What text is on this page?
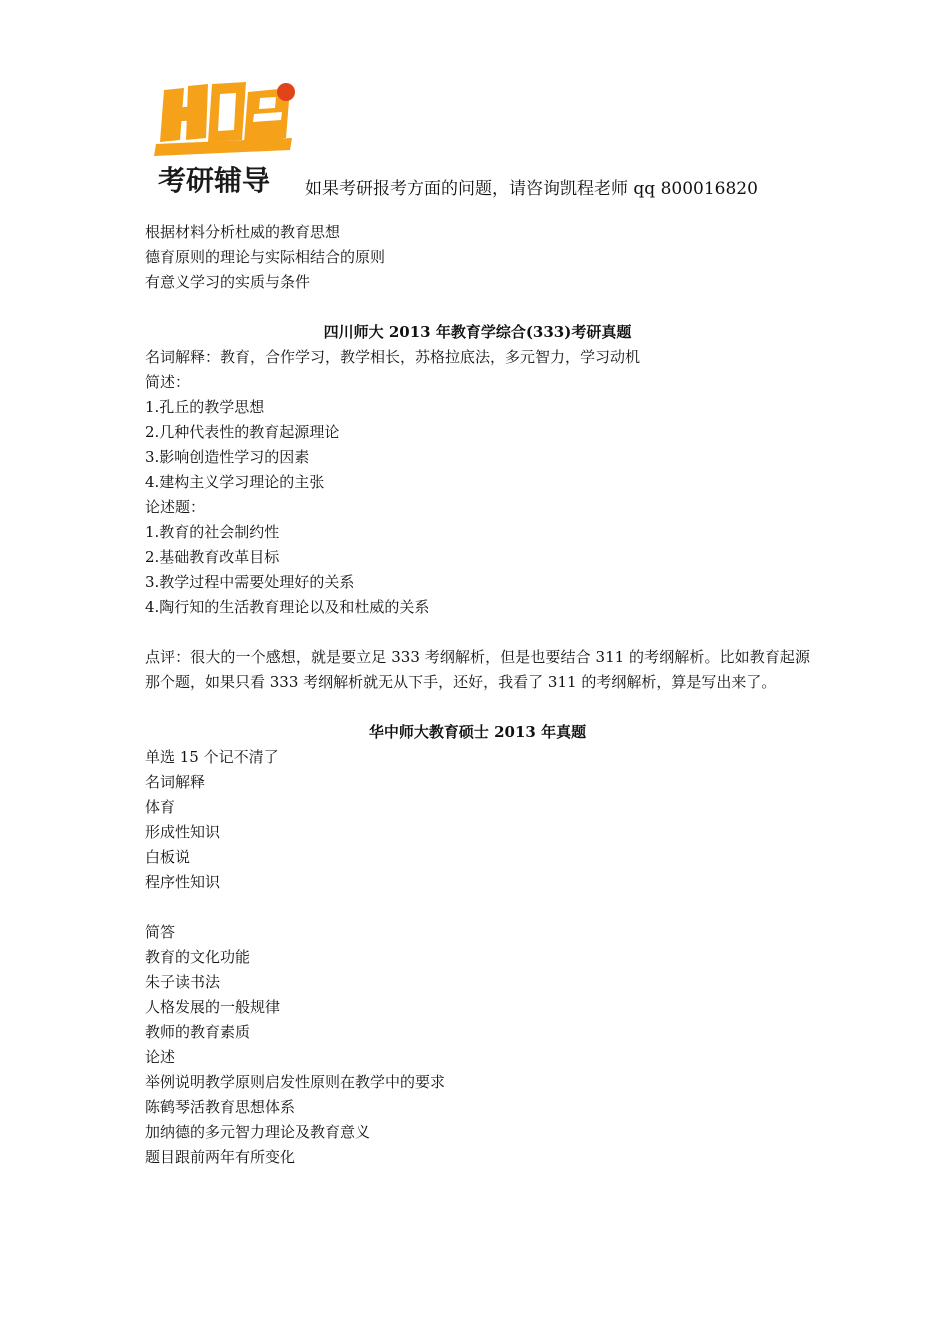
考研辅导 如果考研报考方面的问题，请咨询凯程老师 qq 800016820

根据材料分析杜威的教育思想

德育原则的理论与实际相结合的原则

有意义学习的实质与条件

四川师大 2013 年教育学综合(333)考研真题

名词解释：教育，合作学习，教学相长，苏格拉底法，多元智力，学习动机

简述：

1.孔丘的教学思想

2.几种代表性的教育起源理论

3.影响创造性学习的因素

4.建构主义学习理论的主张

论述题：

1.教育的社会制约性

2.基础教育改革目标

3.教学过程中需要处理好的关系

4.陶行知的生活教育理论以及和杜威的关系

点评：很大的一个感想，就是要立足 333 考纲解析，但是也要结合 311 的考纲解析。比如教育起源那个题，如果只看 333 考纲解析就无从下手，还好，我看了 311 的考纲解析，算是写出来了。

华中师大教育硕士 2013 年真题

单选 15 个记不清了

名词解释

体育

形成性知识

白板说

程序性知识

简答

教育的文化功能

朱子读书法

人格发展的一般规律

教师的教育素质

论述

举例说明教学原则启发性原则在教学中的要求

陈鹤琴活教育思想体系

加纳德的多元智力理论及教育意义

题目跟前两年有所变化
